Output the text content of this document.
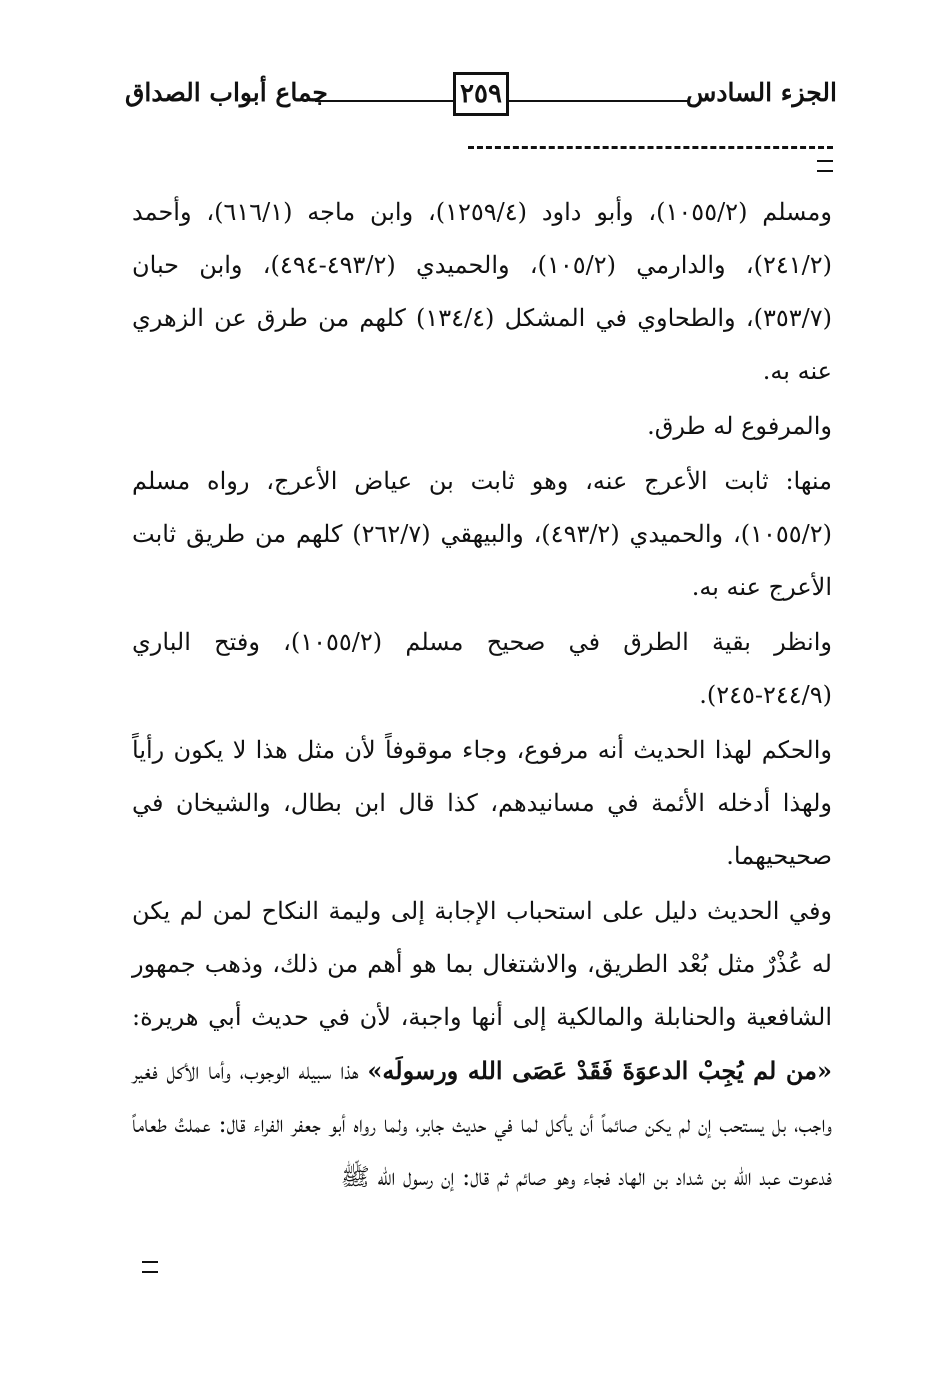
الجزء السادس
٢٥٩
جماع أبواب الصداق

ومسلم (١٠٥٥/٢)، وأبو داود (١٢٥٩/٤)، وابن ماجه (٦١٦/١)، وأحمد (٢٤١/٢)، والدارمي (١٠٥/٢)، والحميدي (٤٩٣/٢-٤٩٤)، وابن حبان (٣٥٣/٧)، والطحاوي في المشكل (١٣٤/٤) كلهم من طرق عن الزهري عنه به.

والمرفوع له طرق.

منها: ثابت الأعرج عنه، وهو ثابت بن عياض الأعرج، رواه مسلم (١٠٥٥/٢)، والحميدي (٤٩٣/٢)، والبيهقي (٢٦٢/٧) كلهم من طريق ثابت الأعرج عنه به.

وانظر بقية الطرق في صحيح مسلم (١٠٥٥/٢)، وفتح الباري (٢٤٤/٩-٢٤٥).

والحكم لهذا الحديث أنه مرفوع، وجاء موقوفاً لأن مثل هذا لا يكون رأياً ولهذا أدخله الأئمة في مسانيدهم، كذا قال ابن بطال، والشيخان في صحيحيهما.

وفي الحديث دليل على استحباب الإجابة إلى وليمة النكاح لمن لم يكن له عُذْرٌ مثل بُعْد الطريق، والاشتغال بما هو أهم من ذلك، وذهب جمهور الشافعية والحنابلة والمالكية إلى أنها واجبة، لأن في حديث أبي هريرة: «من لم يُجِبْ الدعوَةَ فَقَدْ عَصَى الله ورسولَه» هذا سبيله الوجوب، وأما الأكل فغير واجب، بل يستحب إن لم يكن صائماً أن يأكل لما في حديث جابر، ولما رواه أبو جعفر الفراء قال: عملتُ طعاماً فدعوت عبد الله بن شداد بن الهاد فجاء وهو صائم ثم قال: إن رسول الله ﷺ
